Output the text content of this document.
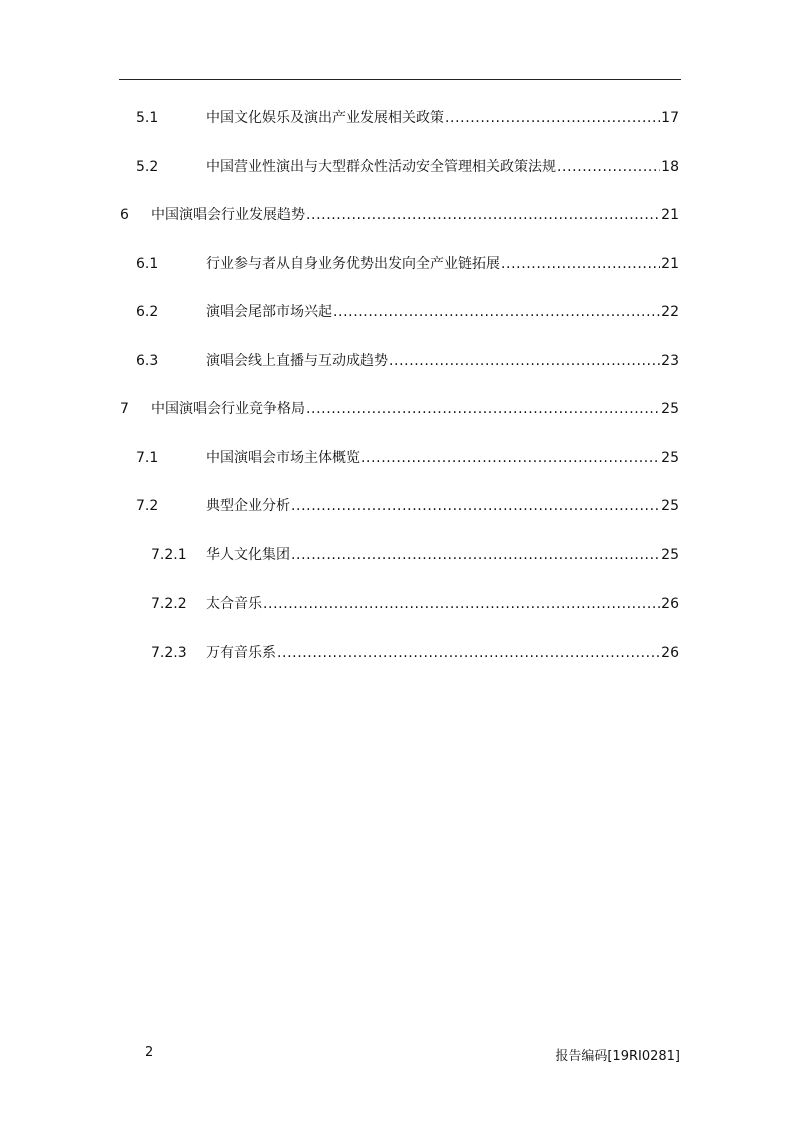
5.1	中国文化娱乐及演出产业发展相关政策 .....	17
5.2	中国营业性演出与大型群众性活动安全管理相关政策法规 .....	18
6	中国演唱会行业发展趋势 .....	21
6.1	行业参与者从自身业务优势出发向全产业链拓展 .....	21
6.2	演唱会尾部市场兴起 .....	22
6.3	演唱会线上直播与互动成趋势 .....	23
7	中国演唱会行业竞争格局 .....	25
7.1	中国演唱会市场主体概览 .....	25
7.2	典型企业分析 .....	25
7.2.1	华人文化集团 .....	25
7.2.2	太合音乐 .....	26
7.2.3	万有音乐系 .....	26
2	报告编码[19RI0281]
